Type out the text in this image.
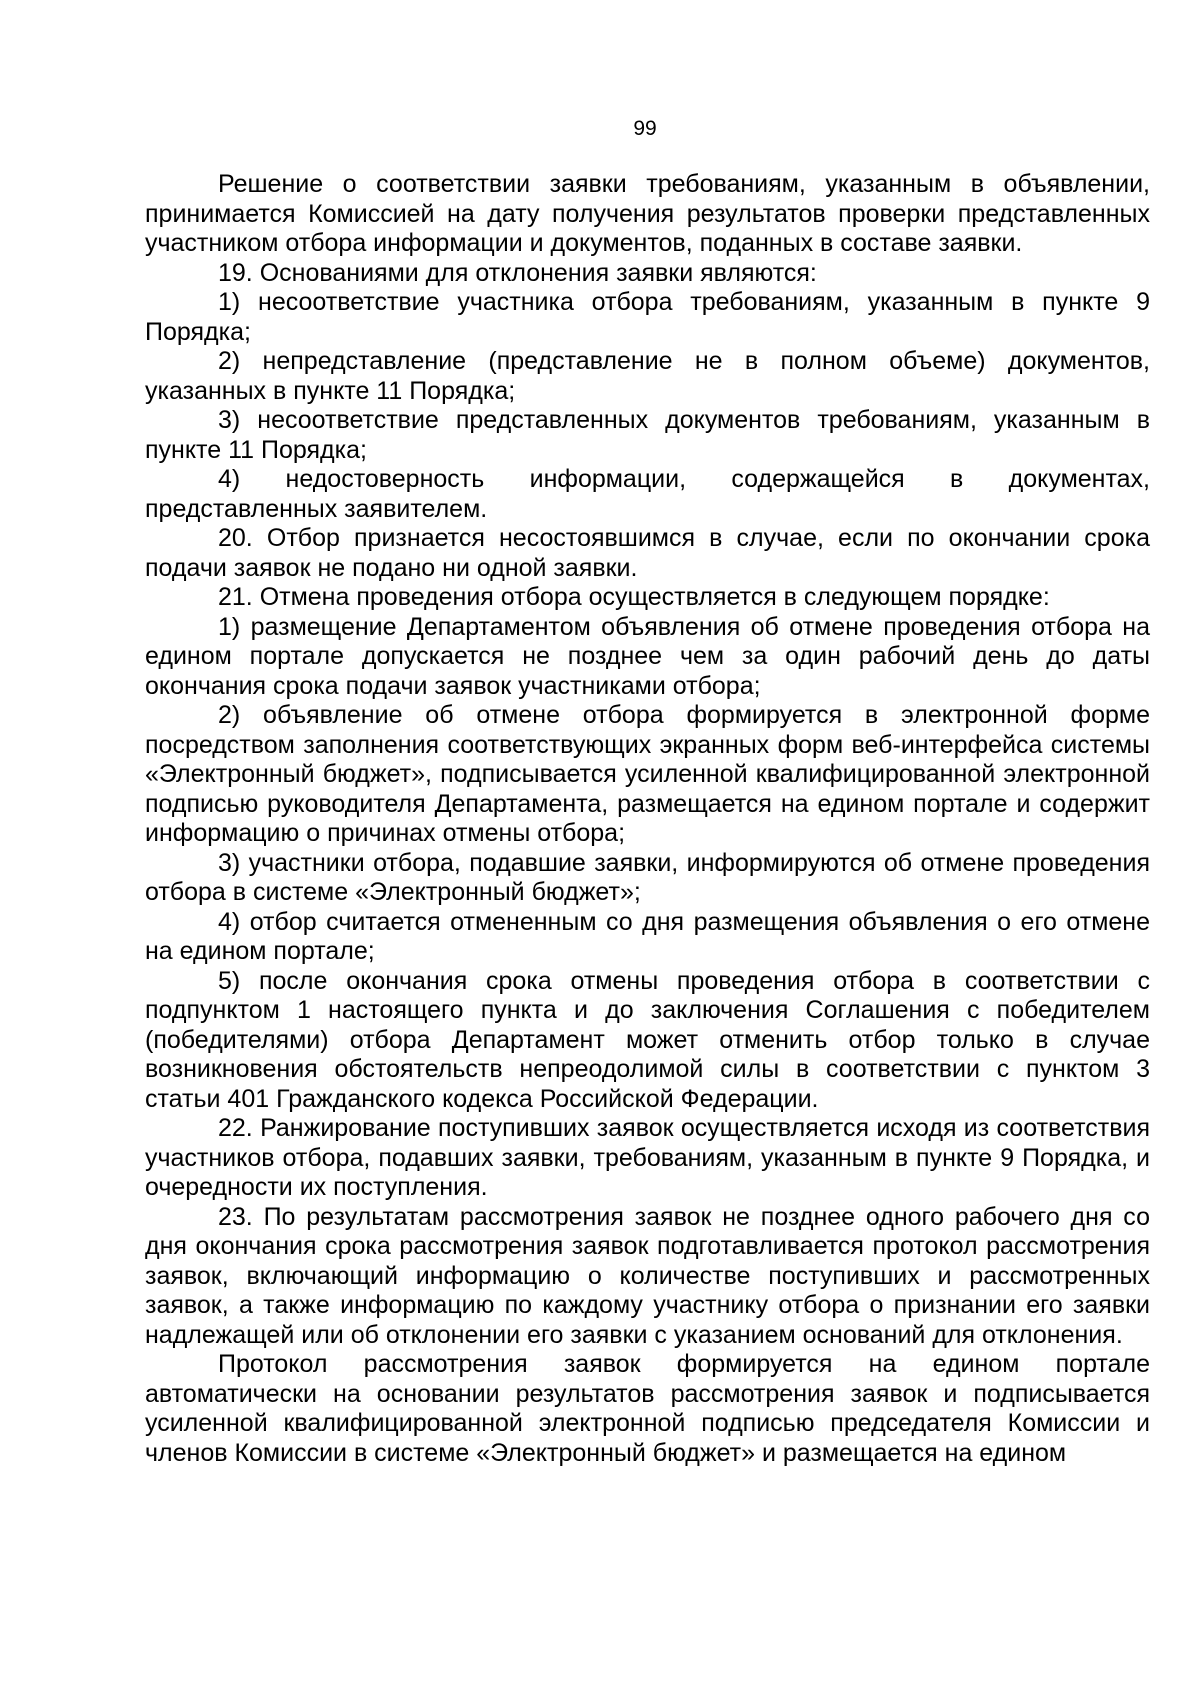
99

Решение о соответствии заявки требованиям, указанным в объявлении, принимается Комиссией на дату получения результатов проверки представленных участником отбора информации и документов, поданных в составе заявки.

19. Основаниями для отклонения заявки являются:

1) несоответствие участника отбора требованиям, указанным в пункте 9 Порядка;

2) непредставление (представление не в полном объеме) документов, указанных в пункте 11 Порядка;

3) несоответствие представленных документов требованиям, указанным в пункте 11 Порядка;

4) недостоверность информации, содержащейся в документах, представленных заявителем.

20. Отбор признается несостоявшимся в случае, если по окончании срока подачи заявок не подано ни одной заявки.

21. Отмена проведения отбора осуществляется в следующем порядке:

1) размещение Департаментом объявления об отмене проведения отбора на едином портале допускается не позднее чем за один рабочий день до даты окончания срока подачи заявок участниками отбора;

2) объявление об отмене отбора формируется в электронной форме посредством заполнения соответствующих экранных форм веб-интерфейса системы «Электронный бюджет», подписывается усиленной квалифицированной электронной подписью руководителя Департамента, размещается на едином портале и содержит информацию о причинах отмены отбора;

3) участники отбора, подавшие заявки, информируются об отмене проведения отбора в системе «Электронный бюджет»;

4) отбор считается отмененным со дня размещения объявления о его отмене на едином портале;

5) после окончания срока отмены проведения отбора в соответствии с подпунктом 1 настоящего пункта и до заключения Соглашения с победителем (победителями) отбора Департамент может отменить отбор только в случае возникновения обстоятельств непреодолимой силы в соответствии с пунктом 3 статьи 401 Гражданского кодекса Российской Федерации.

22. Ранжирование поступивших заявок осуществляется исходя из соответствия участников отбора, подавших заявки, требованиям, указанным в пункте 9 Порядка, и очередности их поступления.

23. По результатам рассмотрения заявок не позднее одного рабочего дня со дня окончания срока рассмотрения заявок подготавливается протокол рассмотрения заявок, включающий информацию о количестве поступивших и рассмотренных заявок, а также информацию по каждому участнику отбора о признании его заявки надлежащей или об отклонении его заявки с указанием оснований для отклонения.

Протокол рассмотрения заявок формируется на едином портале автоматически на основании результатов рассмотрения заявок и подписывается усиленной квалифицированной электронной подписью председателя Комиссии и членов Комиссии в системе «Электронный бюджет» и размещается на едином
